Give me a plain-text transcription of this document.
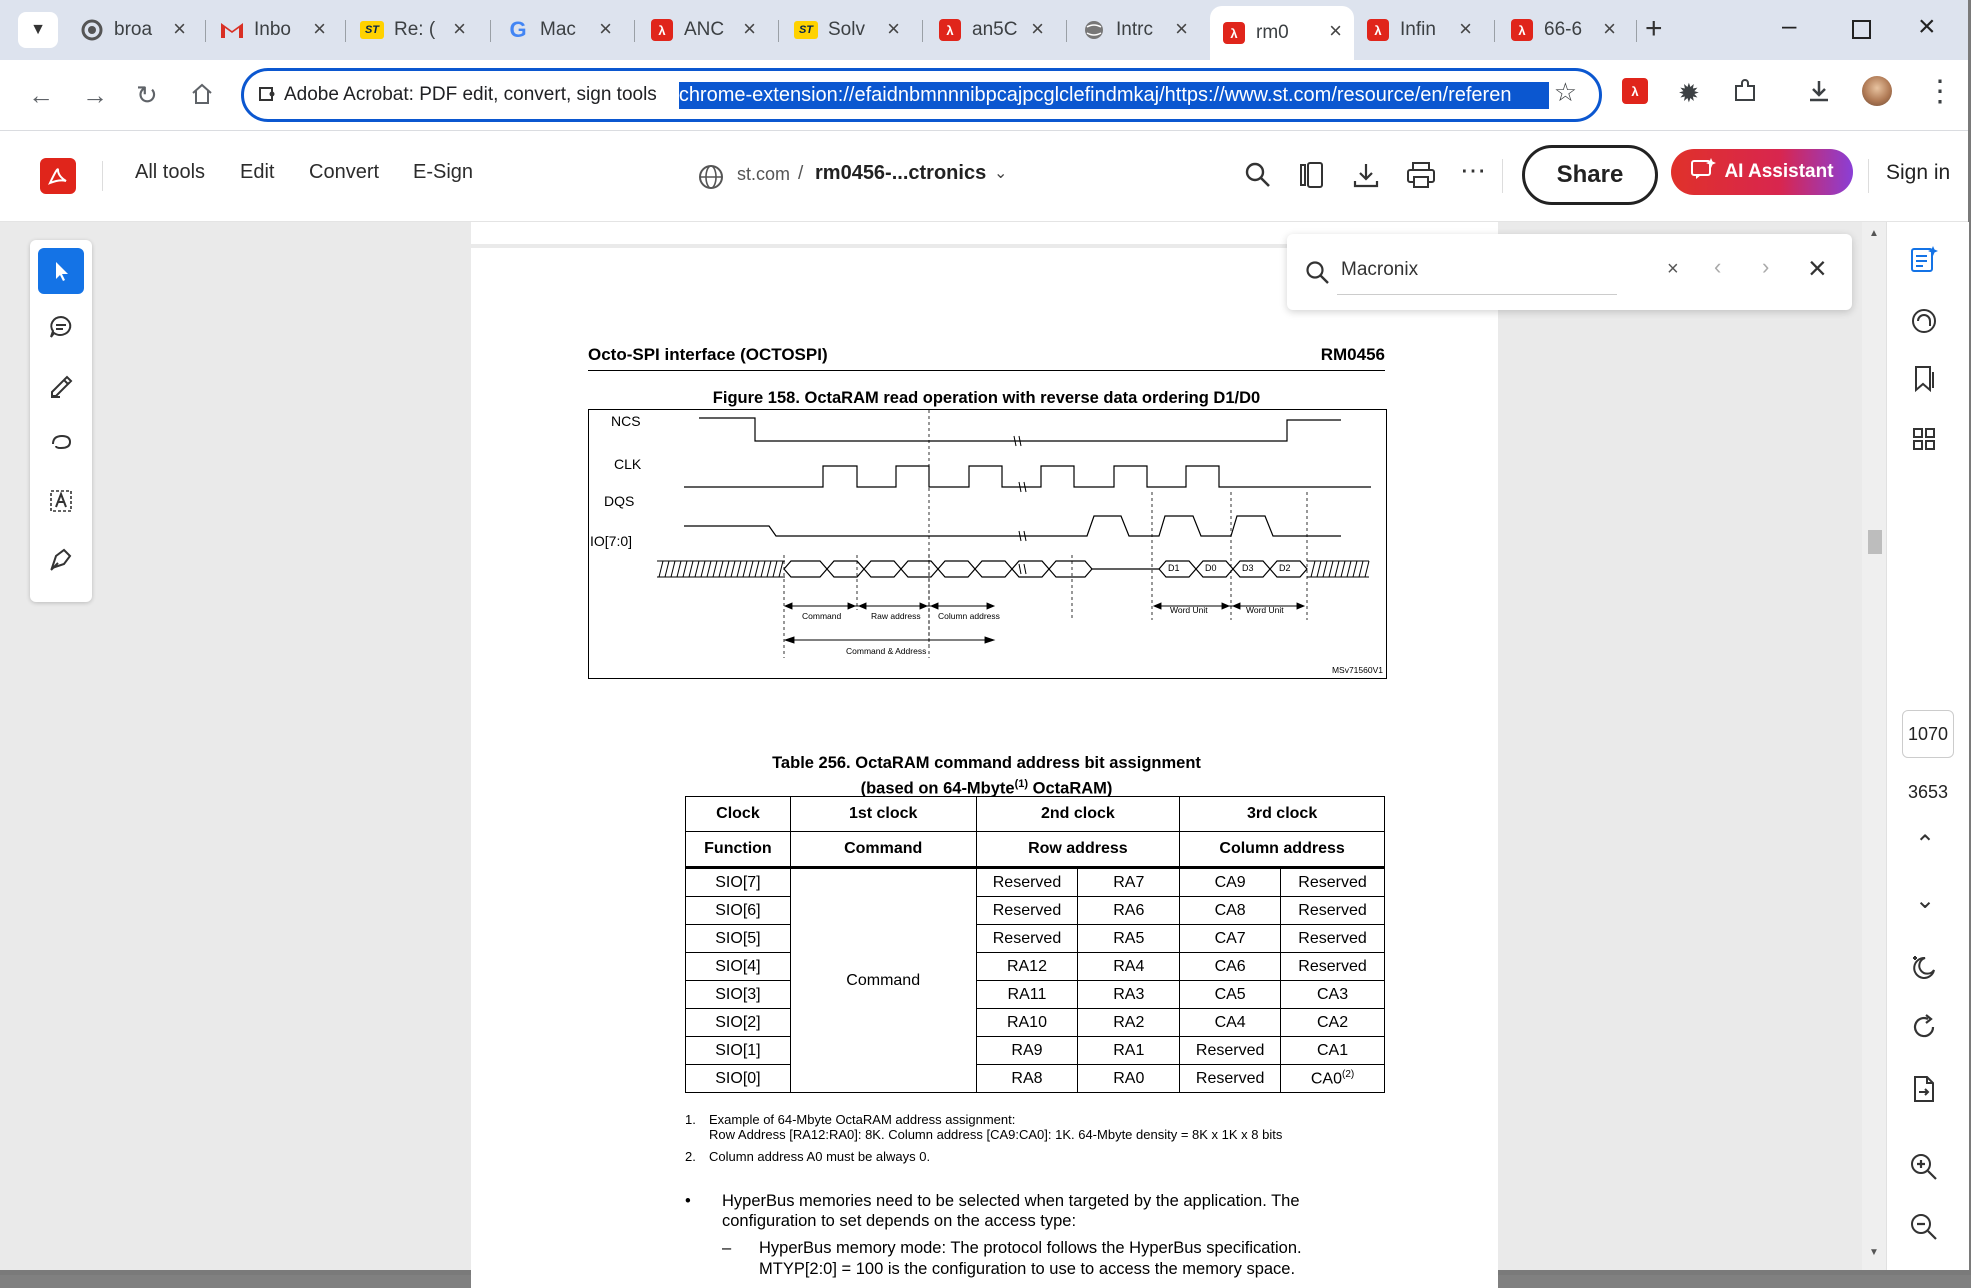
▼	broa ×	Inbo ×	ST Re: ( × G Mac ×	λ ANC ×	ST Solv ×	λ an5C ×	Intrc ×	λ rm0	×	λ Infin ×	λ 66-6 × +	–	×
← → ↻	Adobe Acrobat: PDF edit, convert, sign tools chrome-extension://efaidnbmnnnibpcajpcglclefindmkaj/https://www.st.com/resource/en/referen	☆	λ	✹	⋮
All tools Edit Convert E-Sign	st.com / rm0456-...ctronics ⌄	⋯	Share	AI Assistant Sign in
Octo-SPI interface (OCTOSPI)	RM0456
Figure 158. OctaRAM read operation with reverse data ordering D1/D0
NCS
CLK
DQS
IO[7:0]
D1	D0	D3	D2
Command	Raw address Column address
Command & Address
Word Unit	Word Unit
MSv71560V1
Table 256. OctaRAM command address bit assignment
(based on 64-Mbyte$^{(1)}$ OctaRAM)
Clock	1st clock	2nd clock		3rd clock	
Function	Command	Row address		Column address	
SIO[7]	Command	Reserved	RA7	CA9	Reserved
SIO[6]		Reserved	RA6	CA8	Reserved
SIO[5]		Reserved	RA5	CA7	Reserved
SIO[4]		RA12	RA4	CA6	Reserved
SIO[3]		RA11	RA3	CA5	CA3
SIO[2]		RA10	RA2	CA4	CA2
SIO[1]		RA9	RA1	Reserved	CA1
SIO[0]		RA8	RA0	Reserved	CA0$^{(2)}$
1. Example of 64-Mbyte OctaRAM address assignment:
Row Address [RA12:RA0]: 8K. Column address [CA9:CA0]: 1K. 64-Mbyte density = 8K x 1K x 8 bits
2. Column address A0 must be always 0.
• HyperBus memories need to be selected when targeted by the application. The
configuration to set depends on the access type:
– HyperBus memory mode: The protocol follows the HyperBus specification.
MTYP[2:0] = 100 is the configuration to use to access the memory space.
Macronix
× ‹ › ×
▲
▼
1070
3653
⌃
⌄
